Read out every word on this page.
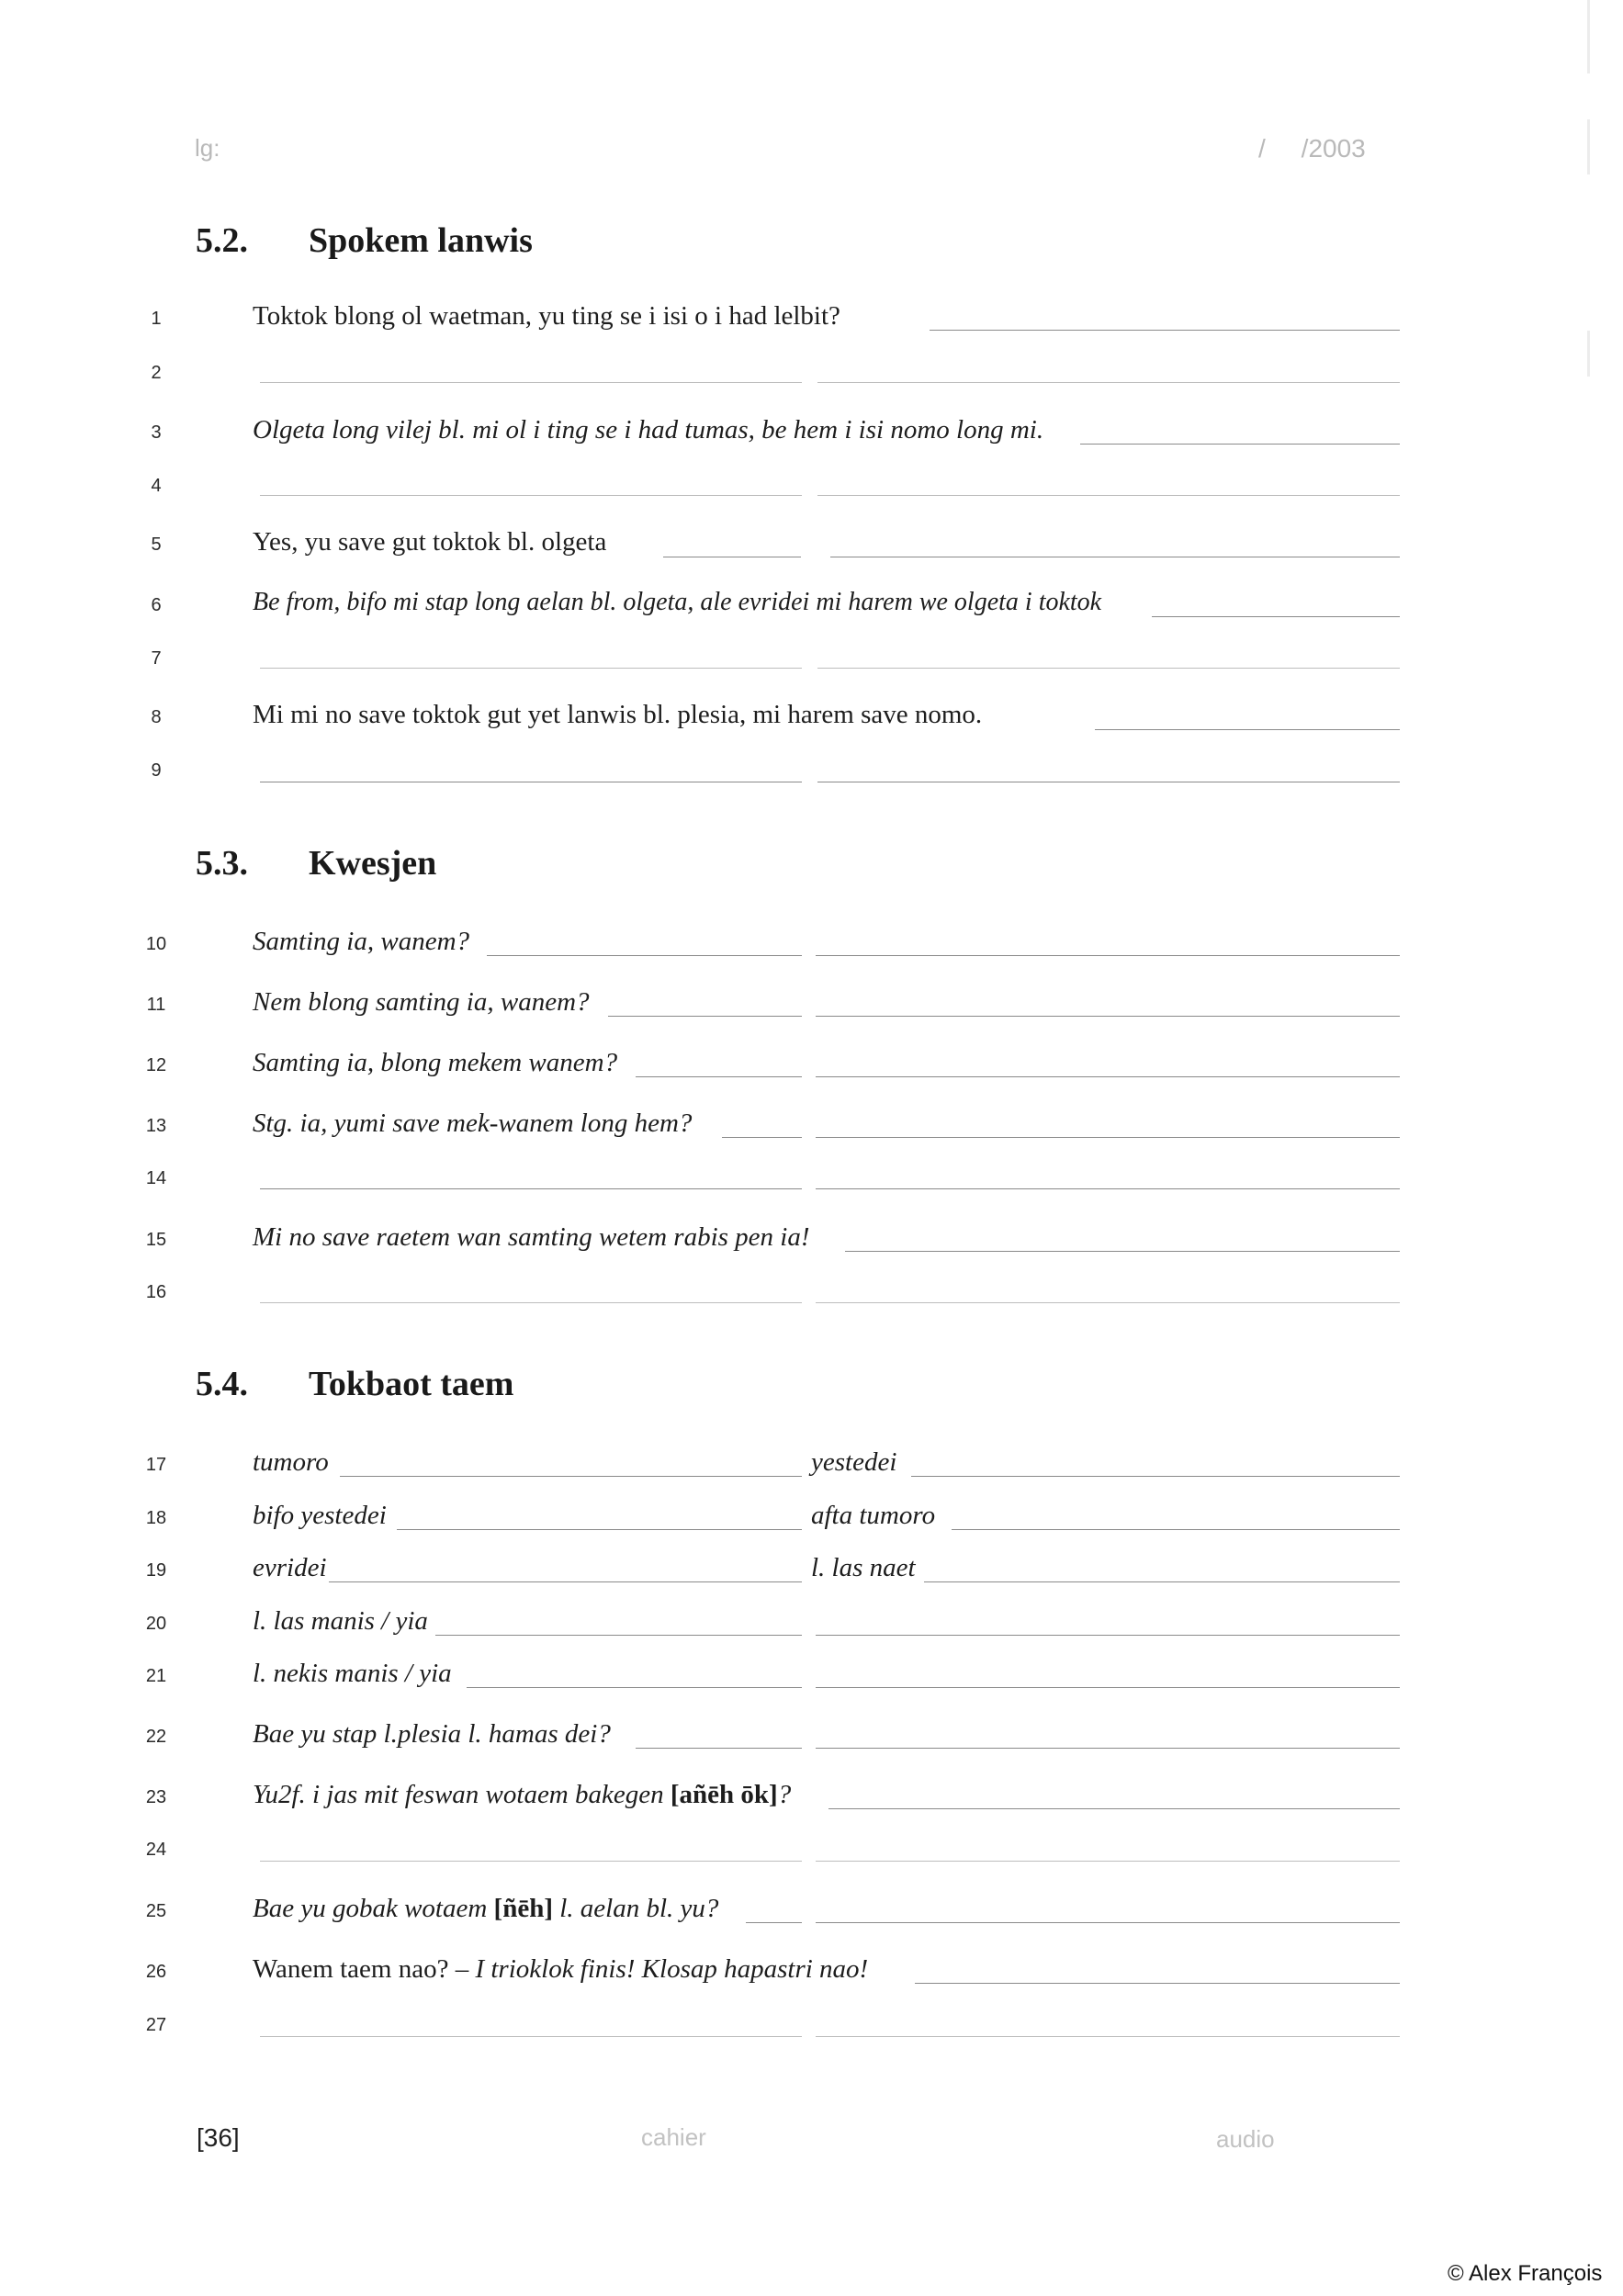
lg:	/     /2003
5.2. Spokem lanwis
1	Toktok blong ol waetman, yu ting se i isi o i had lelbit?
2
3	Olgeta long vilej bl. mi ol i ting se i had tumas, be hem i isi nomo long mi.
4
5	Yes, yu save gut toktok bl. olgeta
6	Be from, bifo mi stap long aelan bl. olgeta, ale evridei mi harem we olgeta i toktok
7
8	Mi mi no save toktok gut yet lanwis bl. plesia, mi harem save nomo.
9
5.3. Kwesjen
10	Samting ia, wanem?
11	Nem blong samting ia, wanem?
12	Samting ia, blong mekem wanem?
13	Stg. ia, yumi save mek-wanem long hem?
14
15	Mi no save raetem wan samting wetem rabis pen ia!
16
5.4. Tokbaot taem
17	tumoro	yestedei
18	bifo yestedei	afta tumoro
19	evridei	l. las naet
20	l. las manis / yia
21	l. nekis manis / yia
22	Bae yu stap l.plesia l. hamas dei?
23	Yu2f. i jas mit feswan wotaem bakegen [añēh ōk]?
24
25	Bae yu gobak wotaem [ñēh] l. aelan bl. yu?
26	Wanem taem nao? – I trioklok finis! Klosap hapastri nao!
27
[36]	cahier	audio
© Alex François
